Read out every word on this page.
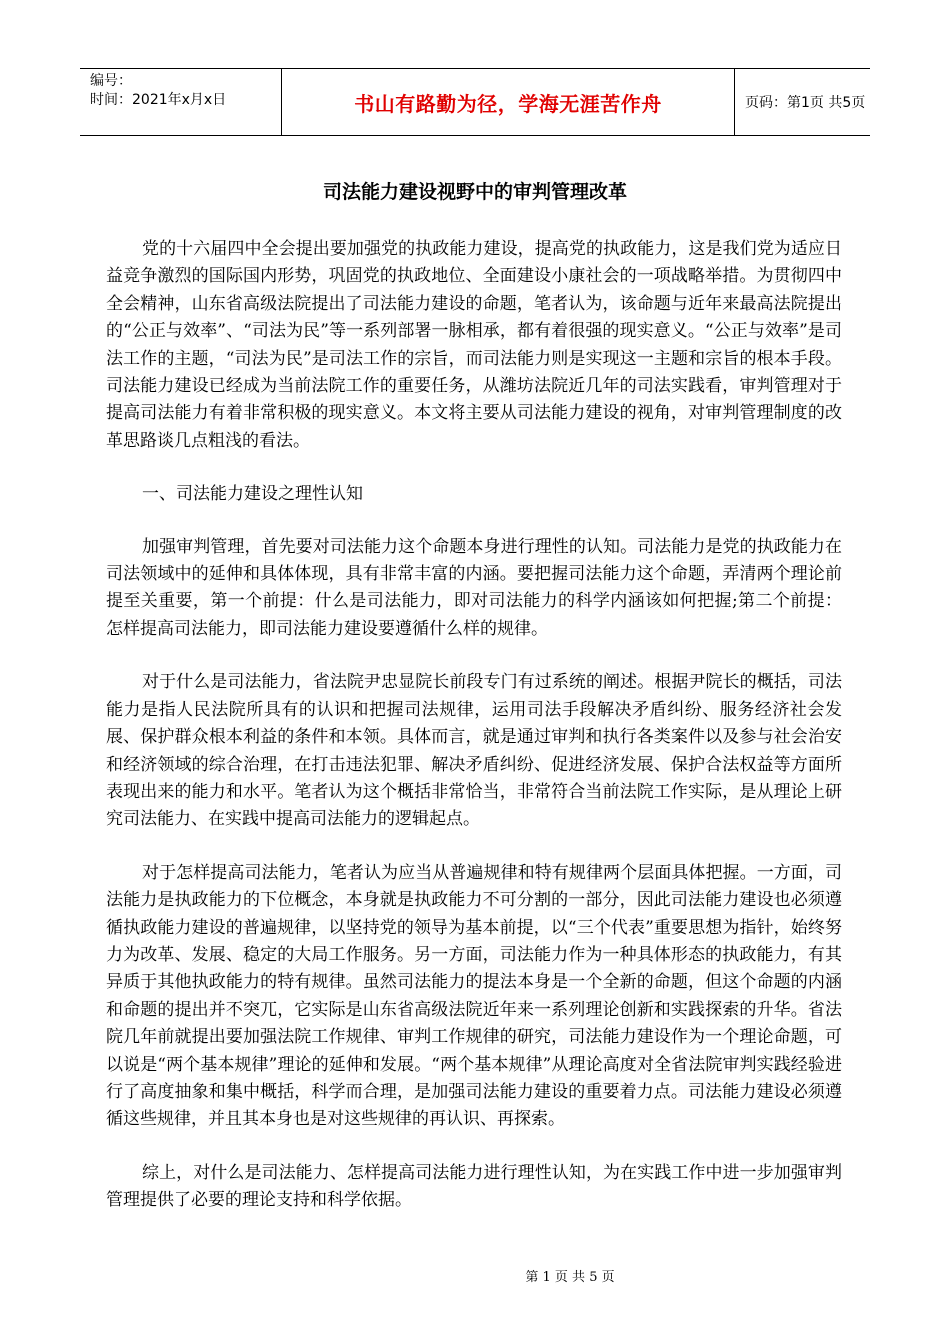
编号：
时间：2021年x月x日	书山有路勤为径，学海无涯苦作舟	页码：第1页 共5页
司法能力建设视野中的审判管理改革

党的十六届四中全会提出要加强党的执政能力建设，提高党的执政能力，这是我们党为适应日益竞争激烈的国际国内形势，巩固党的执政地位、全面建设小康社会的一项战略举措。为贯彻四中全会精神，山东省高级法院提出了司法能力建设的命题，笔者认为，该命题与近年来最高法院提出的“公正与效率”、“司法为民”等一系列部署一脉相承，都有着很强的现实意义。“公正与效率”是司法工作的主题，“司法为民”是司法工作的宗旨，而司法能力则是实现这一主题和宗旨的根本手段。司法能力建设已经成为当前法院工作的重要任务，从潍坊法院近几年的司法实践看，审判管理对于提高司法能力有着非常积极的现实意义。本文将主要从司法能力建设的视角，对审判管理制度的改革思路谈几点粗浅的看法。

一、司法能力建设之理性认知

加强审判管理，首先要对司法能力这个命题本身进行理性的认知。司法能力是党的执政能力在司法领域中的延伸和具体体现，具有非常丰富的内涵。要把握司法能力这个命题，弄清两个理论前提至关重要，第一个前提：什么是司法能力，即对司法能力的科学内涵该如何把握;第二个前提：怎样提高司法能力，即司法能力建设要遵循什么样的规律。

对于什么是司法能力，省法院尹忠显院长前段专门有过系统的阐述。根据尹院长的概括，司法能力是指人民法院所具有的认识和把握司法规律，运用司法手段解决矛盾纠纷、服务经济社会发展、保护群众根本利益的条件和本领。具体而言，就是通过审判和执行各类案件以及参与社会治安和经济领域的综合治理，在打击违法犯罪、解决矛盾纠纷、促进经济发展、保护合法权益等方面所表现出来的能力和水平。笔者认为这个概括非常恰当，非常符合当前法院工作实际，是从理论上研究司法能力、在实践中提高司法能力的逻辑起点。

对于怎样提高司法能力，笔者认为应当从普遍规律和特有规律两个层面具体把握。一方面，司法能力是执政能力的下位概念，本身就是执政能力不可分割的一部分，因此司法能力建设也必须遵循执政能力建设的普遍规律，以坚持党的领导为基本前提，以“三个代表”重要思想为指针，始终努力为改革、发展、稳定的大局工作服务。另一方面，司法能力作为一种具体形态的执政能力，有其异质于其他执政能力的特有规律。虽然司法能力的提法本身是一个全新的命题，但这个命题的内涵和命题的提出并不突兀，它实际是山东省高级法院近年来一系列理论创新和实践探索的升华。省法院几年前就提出要加强法院工作规律、审判工作规律的研究，司法能力建设作为一个理论命题，可以说是“两个基本规律”理论的延伸和发展。“两个基本规律”从理论高度对全省法院审判实践经验进行了高度抽象和集中概括，科学而合理，是加强司法能力建设的重要着力点。司法能力建设必须遵循这些规律，并且其本身也是对这些规律的再认识、再探索。

综上，对什么是司法能力、怎样提高司法能力进行理性认知，为在实践工作中进一步加强审判管理提供了必要的理论支持和科学依据。

第 1 页 共 5 页
